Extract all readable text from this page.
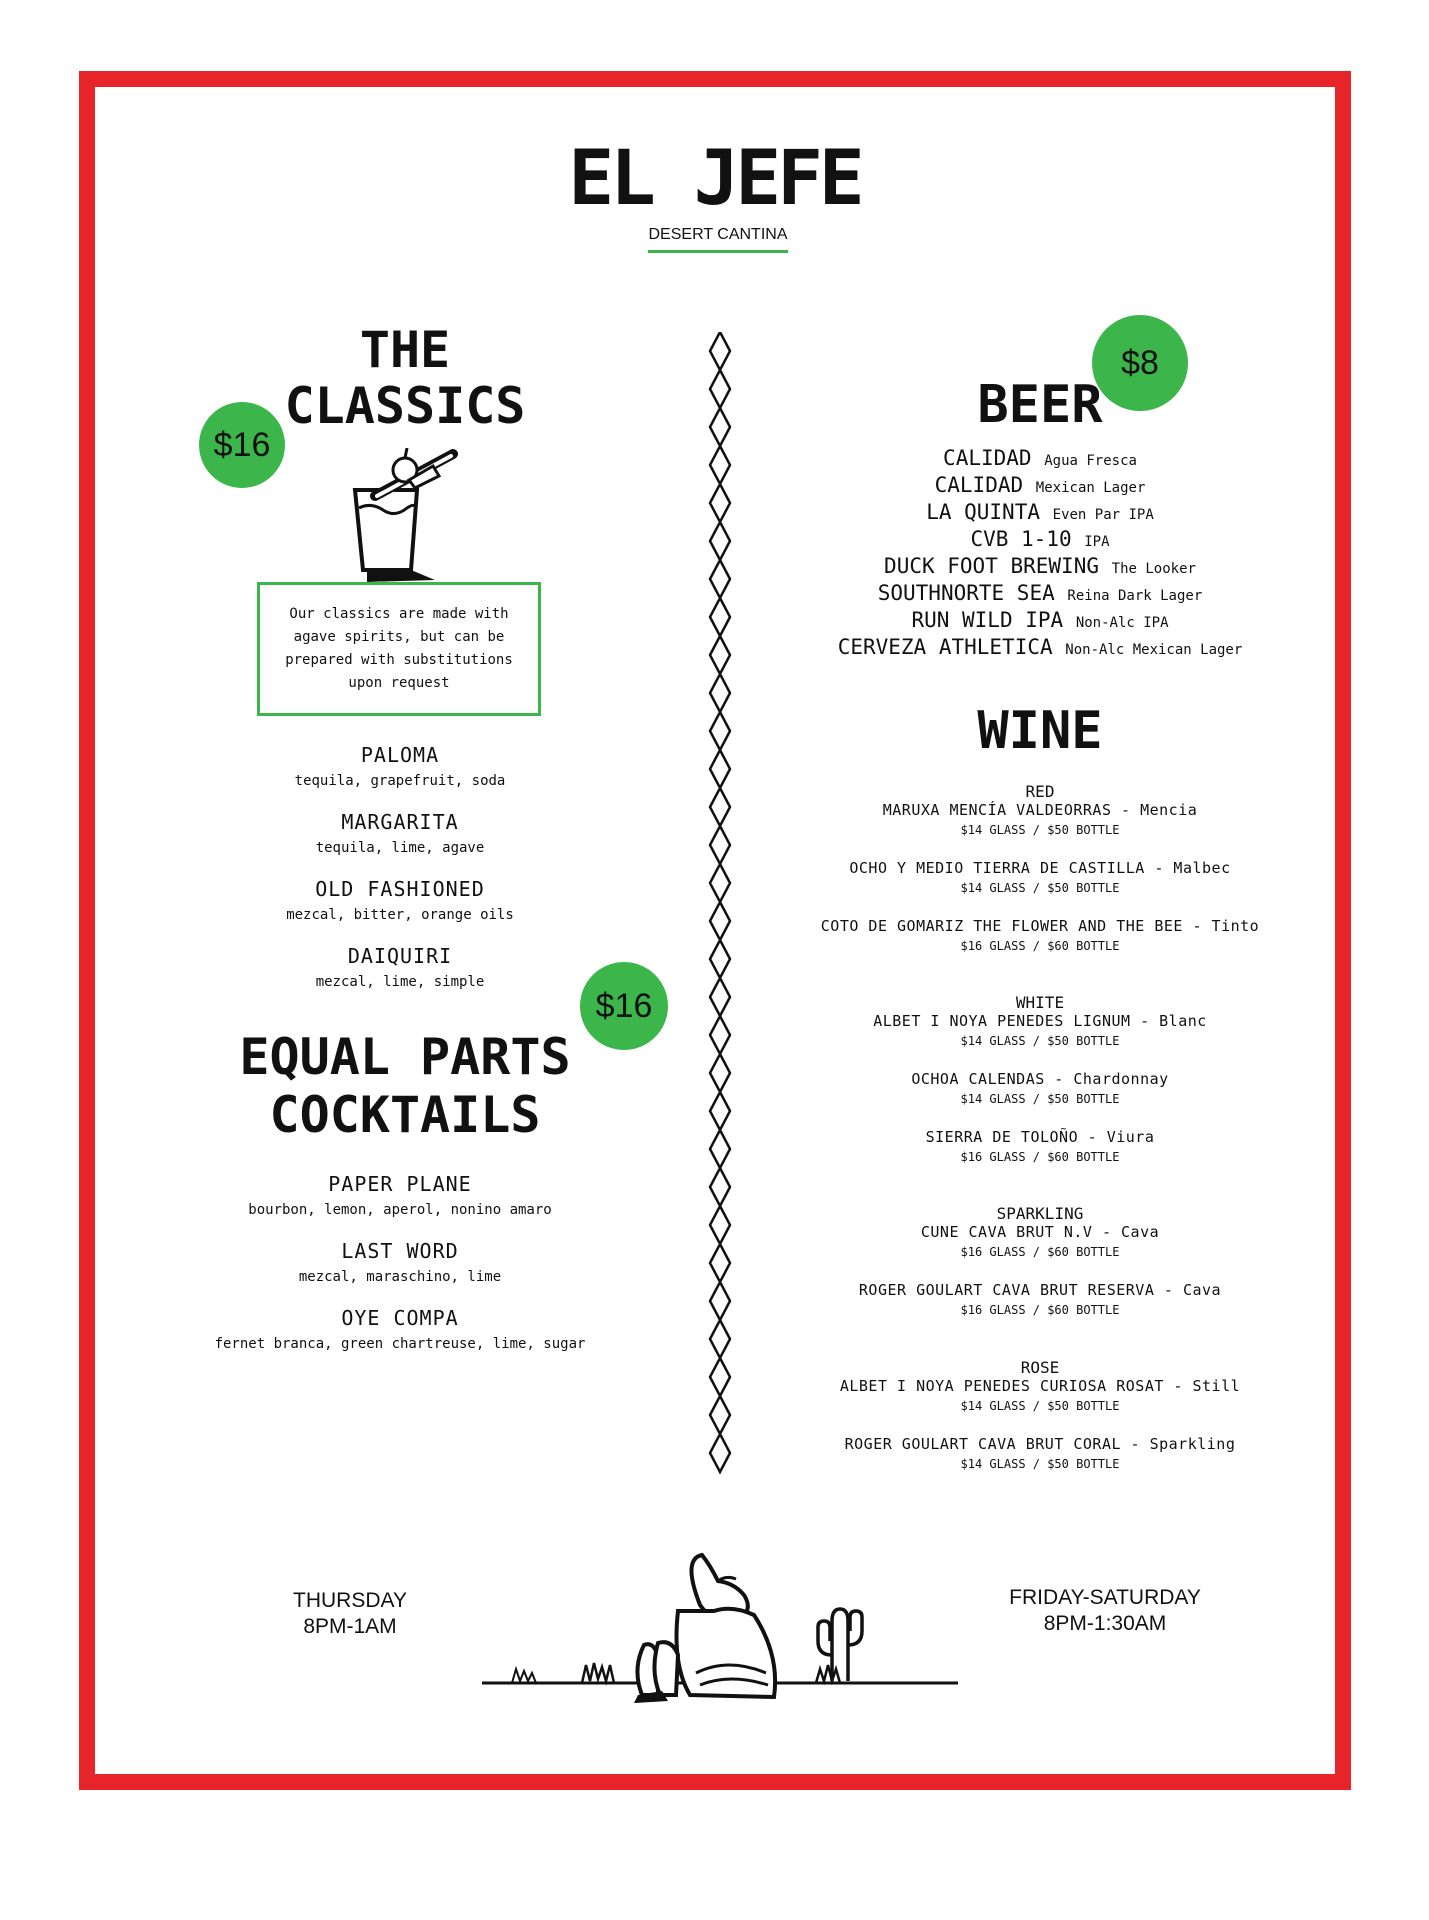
EL JEFE
DESERT CANTINA
THE
CLASSICS
$16
Our classics are made with agave spirits, but can be prepared with substitutions upon request
PALOMA
tequila, grapefruit, soda
MARGARITA
tequila, lime, agave
OLD FASHIONED
mezcal, bitter, orange oils
DAIQUIRI
mezcal, lime, simple
$16
EQUAL PARTS
COCKTAILS
PAPER PLANE
bourbon, lemon, aperol, nonino amaro
LAST WORD
mezcal, maraschino, lime
OYE COMPA
fernet branca, green chartreuse, lime, sugar
$8
BEER
CALIDAD Agua Fresca
CALIDAD Mexican Lager
LA QUINTA Even Par IPA
CVB 1-10 IPA
DUCK FOOT BREWING The Looker
SOUTHNORTE SEA Reina Dark Lager
RUN WILD IPA Non-Alc IPA
CERVEZA ATHLETICA Non-Alc Mexican Lager
WINE
RED
MARUXA MENCÍA VALDEORRAS - Mencia
$14 GLASS / $50 BOTTLE
OCHO Y MEDIO TIERRA DE CASTILLA - Malbec
$14 GLASS / $50 BOTTLE
COTO DE GOMARIZ THE FLOWER AND THE BEE - Tinto
$16 GLASS / $60 BOTTLE
WHITE
ALBET I NOYA PENEDES LIGNUM - Blanc
$14 GLASS / $50 BOTTLE
OCHOA CALENDAS - Chardonnay
$14 GLASS / $50 BOTTLE
SIERRA DE TOLOÑO - Viura
$16 GLASS / $60 BOTTLE
SPARKLING
CUNE CAVA BRUT N.V - Cava
$16 GLASS / $60 BOTTLE
ROGER GOULART CAVA BRUT RESERVA - Cava
$16 GLASS / $60 BOTTLE
ROSE
ALBET I NOYA PENEDES CURIOSA ROSAT - Still
$14 GLASS / $50 BOTTLE
ROGER GOULART CAVA BRUT CORAL - Sparkling
$14 GLASS / $50 BOTTLE
THURSDAY
8PM-1AM
FRIDAY-SATURDAY
8PM-1:30AM
